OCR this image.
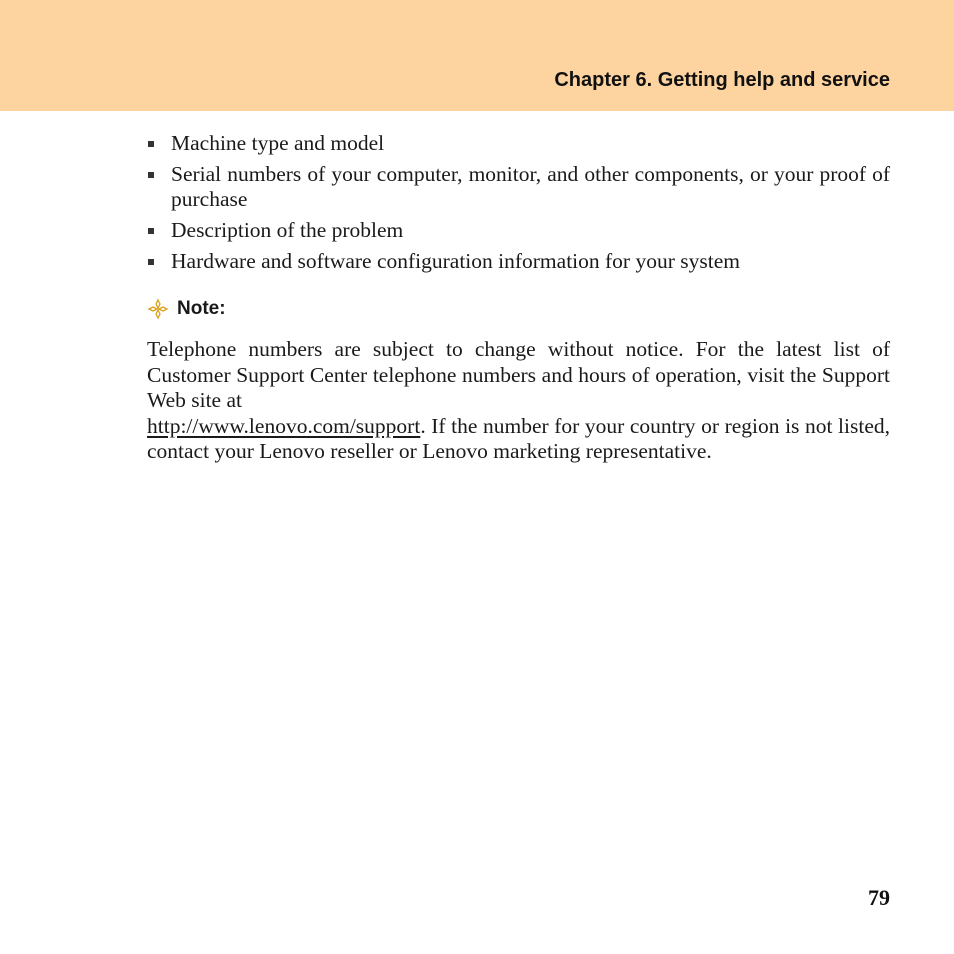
Chapter 6. Getting help and service
Machine type and model
Serial numbers of your computer, monitor, and other components, or your proof of purchase
Description of the problem
Hardware and software configuration information for your system
Note:
Telephone numbers are subject to change without notice. For the latest list of Customer Support Center telephone numbers and hours of operation, visit the Support Web site at
http://www.lenovo.com/support. If the number for your country or region is not listed, contact your Lenovo reseller or Lenovo marketing representative.
79
